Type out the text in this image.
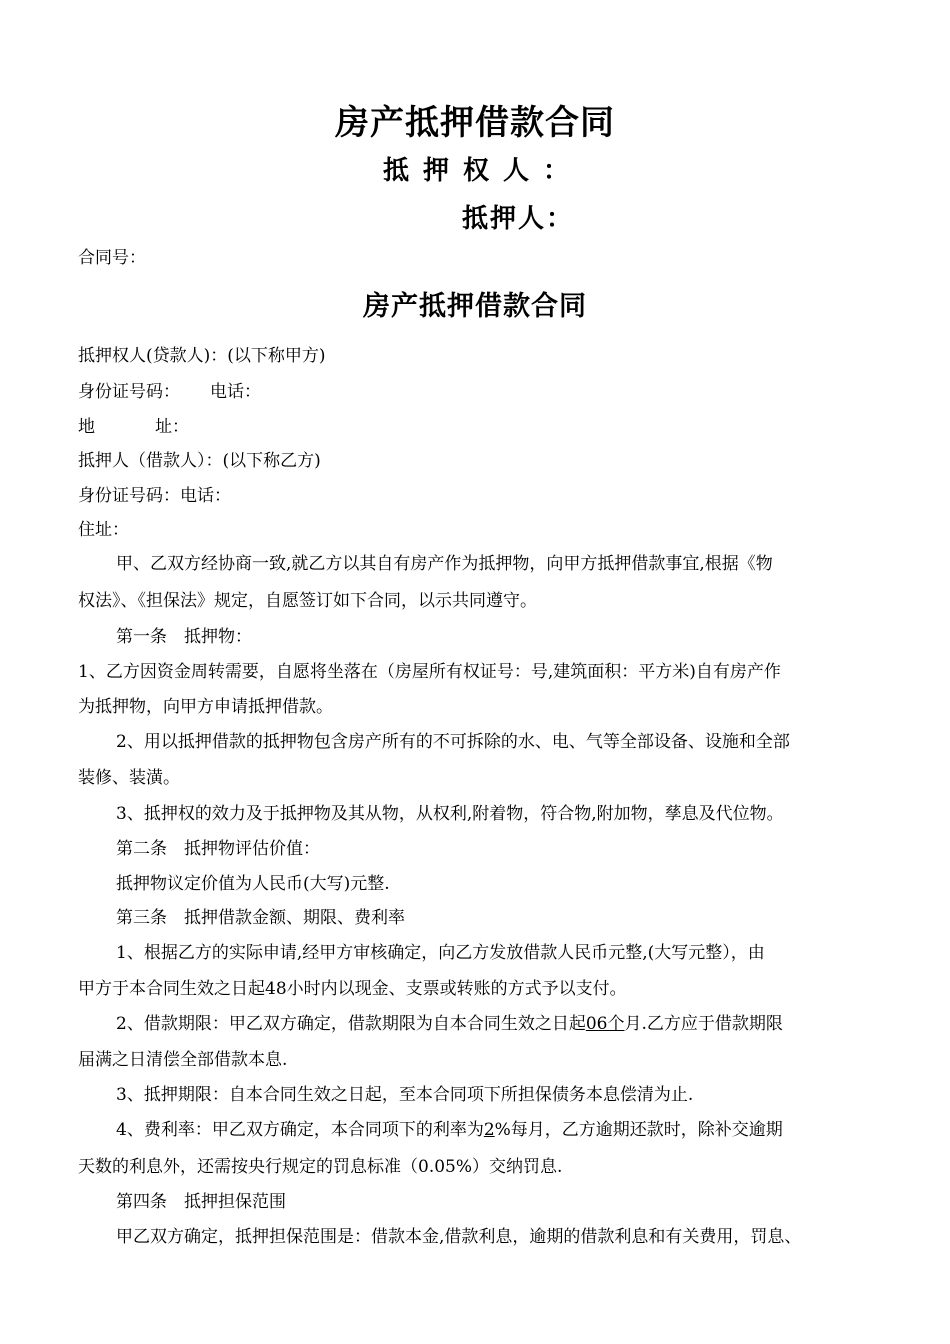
房产抵押借款合同
抵押权人：
抵押人：
合同号：
房产抵押借款合同
抵押权人(贷款人)：(以下称甲方)
身份证号码： 电话：
地	址：
抵押人（借款人）：(以下称乙方)
身份证号码：电话：
住址：
甲、乙双方经协商一致,就乙方以其自有房产作为抵押物，向甲方抵押借款事宜,根据《物
权法》、《担保法》规定，自愿签订如下合同，以示共同遵守。
第一条　抵押物：
1、乙方因资金周转需要，自愿将坐落在（房屋所有权证号：号,建筑面积：平方米)自有房产作
为抵押物，向甲方申请抵押借款。
2、用以抵押借款的抵押物包含房产所有的不可拆除的水、电、气等全部设备、设施和全部
装修、装潢。
3、抵押权的效力及于抵押物及其从物，从权利,附着物，符合物,附加物，孳息及代位物。
第二条　抵押物评估价值：
抵押物议定价值为人民币(大写)元整.
第三条　抵押借款金额、期限、费利率
1、根据乙方的实际申请,经甲方审核确定，向乙方发放借款人民币元整,(大写元整），由
甲方于本合同生效之日起48小时内以现金、支票或转账的方式予以支付。
2、借款期限：甲乙双方确定，借款期限为自本合同生效之日起06个月.乙方应于借款期限
届满之日清偿全部借款本息.
3、抵押期限：自本合同生效之日起，至本合同项下所担保债务本息偿清为止.
4、费利率：甲乙双方确定，本合同项下的利率为2%每月，乙方逾期还款时，除补交逾期
天数的利息外，还需按央行规定的罚息标准（0.05%）交纳罚息.
第四条　抵押担保范围
甲乙双方确定，抵押担保范围是：借款本金,借款利息，逾期的借款利息和有关费用，罚息、
